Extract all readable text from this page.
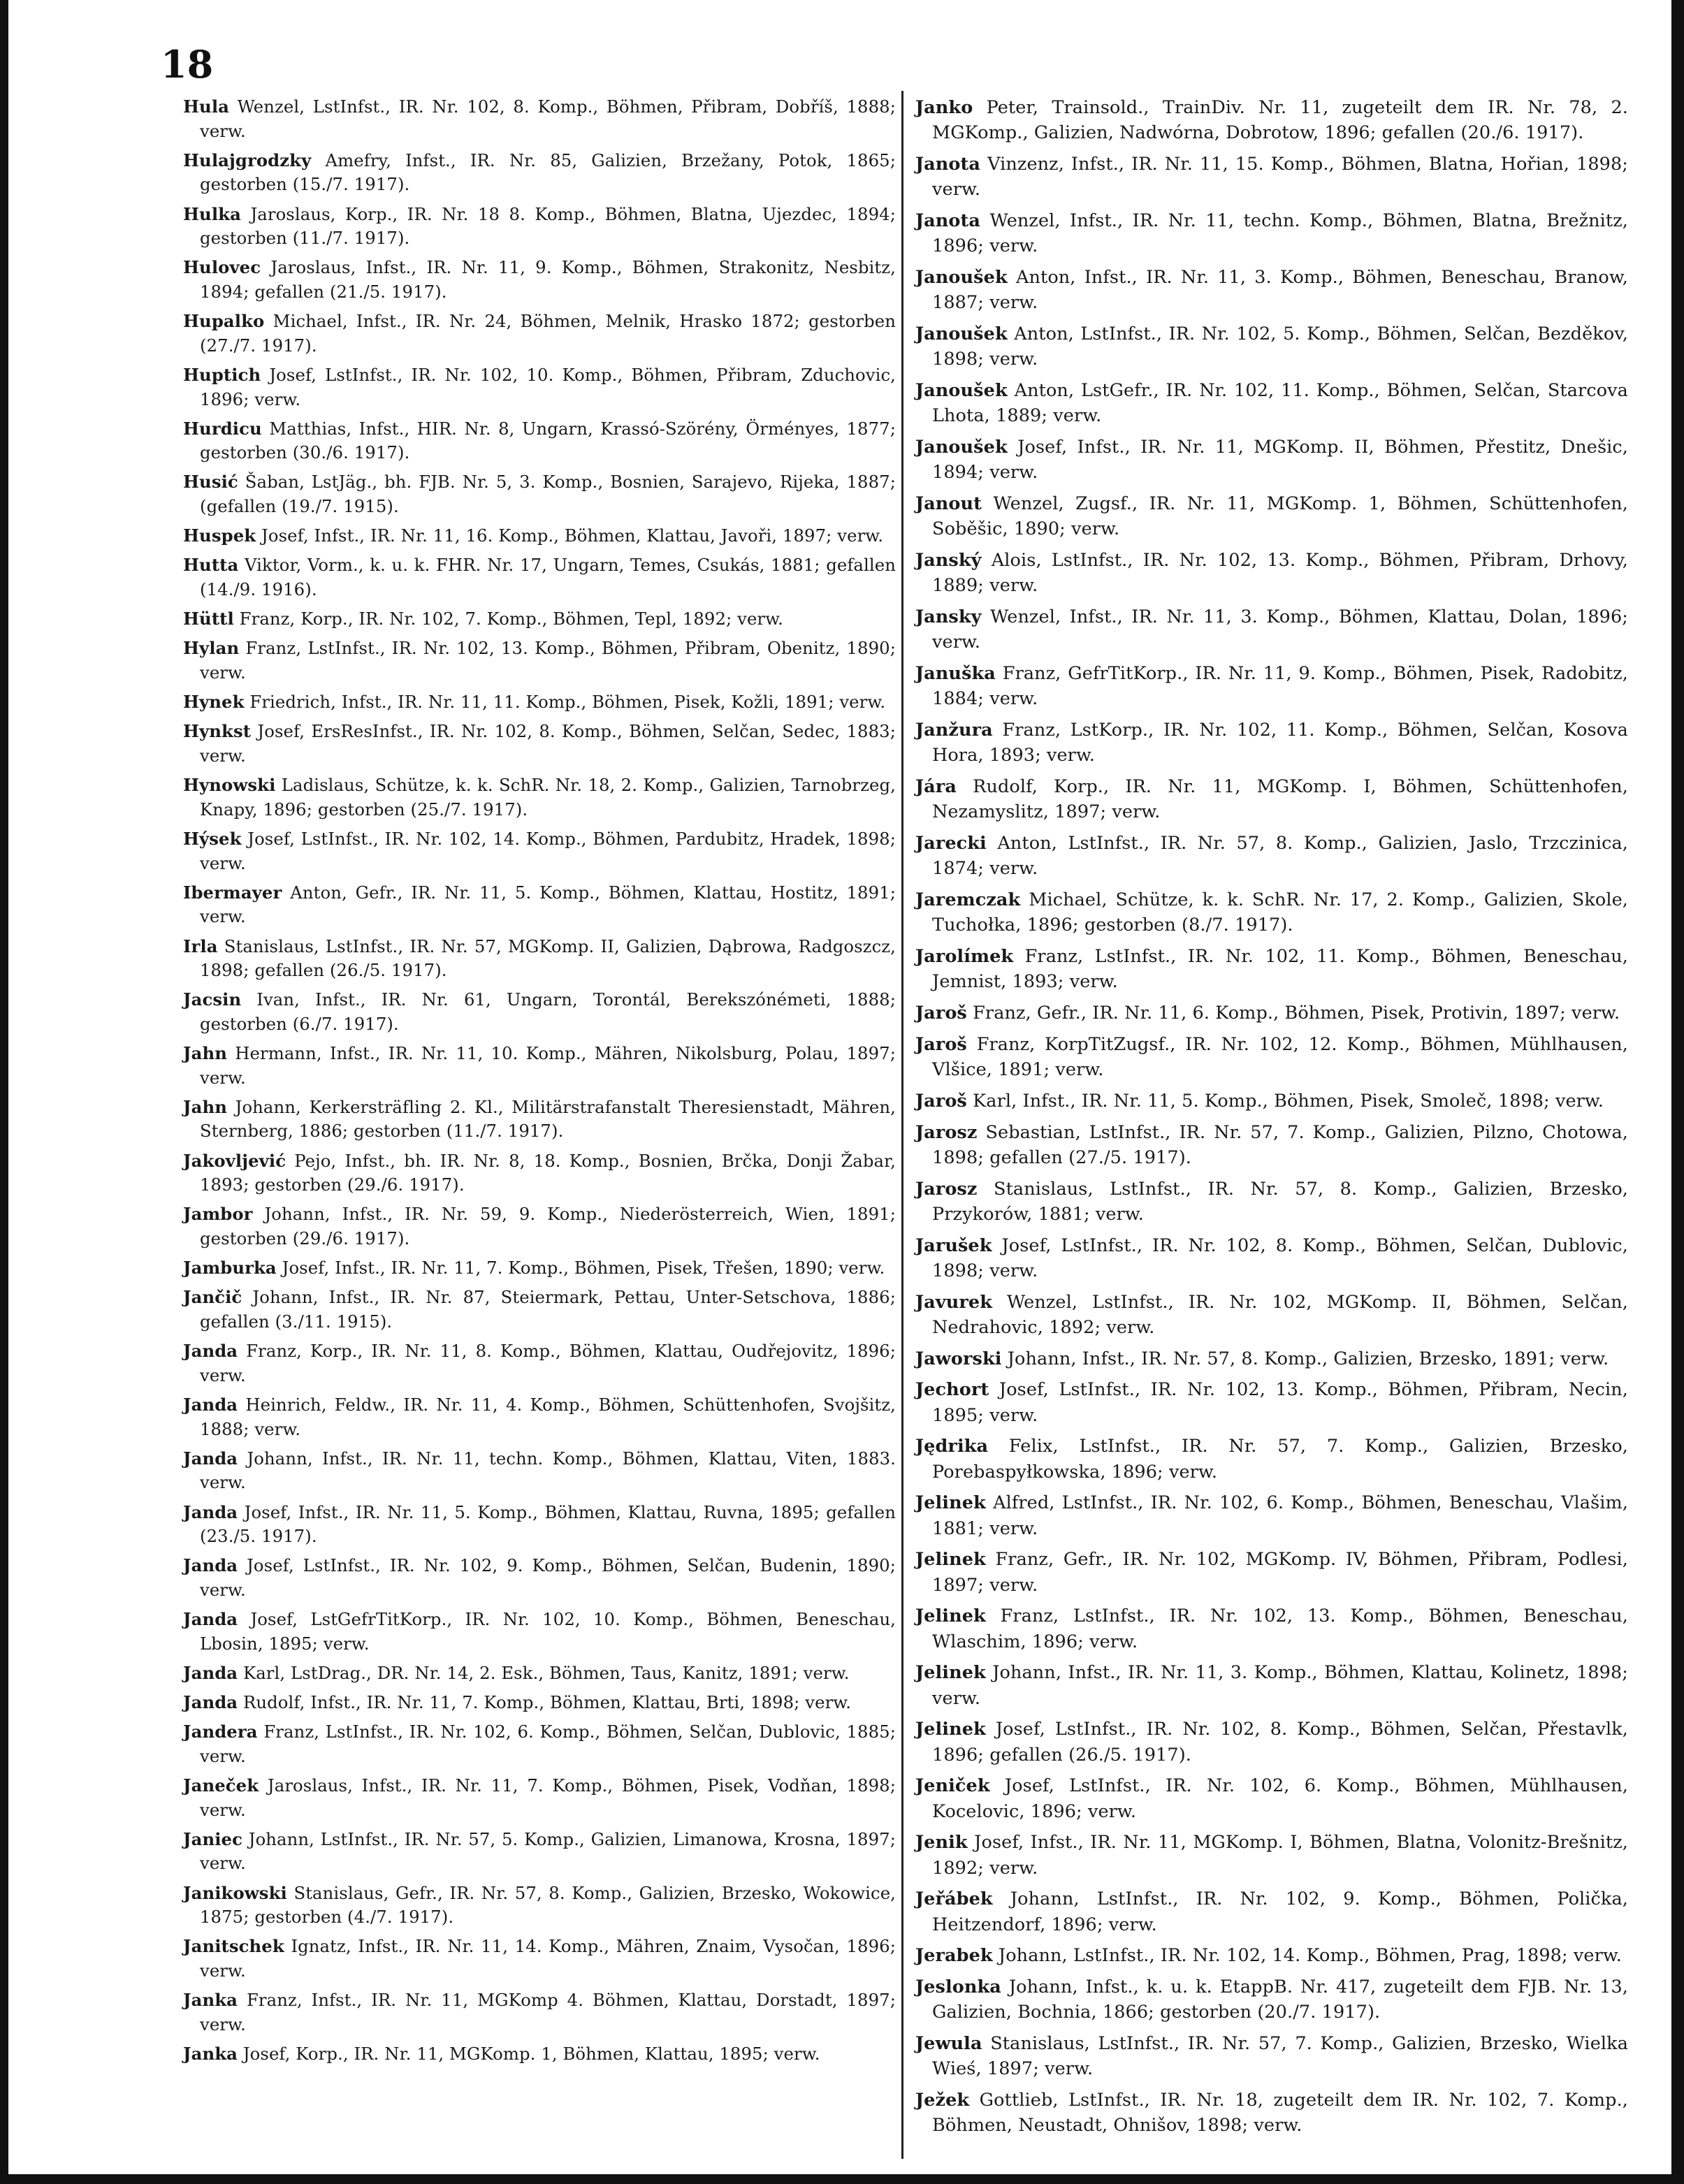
18

Hula Wenzel, LstInfst., IR. Nr. 102, 8. Komp., Böhmen, Přibram, Dobříš, 1888; verw.

Hulajgrodzky Amefry, Infst., IR. Nr. 85, Galizien, Brzežany, Potok, 1865; gestorben (15./7. 1917).

Hulka Jaroslaus, Korp., IR. Nr. 18 8. Komp., Böhmen, Blatna, Ujezdec, 1894; gestorben (11./7. 1917).

Hulovec Jaroslaus, Infst., IR. Nr. 11, 9. Komp., Böhmen, Strakonitz, Nesbitz, 1894; gefallen (21./5. 1917).

Hupalko Michael, Infst., IR. Nr. 24, Böhmen, Melnik, Hrasko 1872; gestorben (27./7. 1917).

Huptich Josef, LstInfst., IR. Nr. 102, 10. Komp., Böhmen, Přibram, Zduchovic, 1896; verw.

Hurdicu Matthias, Infst., HIR. Nr. 8, Ungarn, Krassó-Szörény, Örményes, 1877; gestorben (30./6. 1917).

Husić Šaban, LstJäg., bh. FJB. Nr. 5, 3. Komp., Bosnien, Sarajevo, Rijeka, 1887; (gefallen (19./7. 1915).

Huspek Josef, Infst., IR. Nr. 11, 16. Komp., Böhmen, Klattau, Javoři, 1897; verw.

Hutta Viktor, Vorm., k. u. k. FHR. Nr. 17, Ungarn, Temes, Csukás, 1881; gefallen (14./9. 1916).

Hüttl Franz, Korp., IR. Nr. 102, 7. Komp., Böhmen, Tepl, 1892; verw.

Hylan Franz, LstInfst., IR. Nr. 102, 13. Komp., Böhmen, Přibram, Obenitz, 1890; verw.

Hynek Friedrich, Infst., IR. Nr. 11, 11. Komp., Böhmen, Pisek, Kožli, 1891; verw.

Hynkst Josef, ErsResInfst., IR. Nr. 102, 8. Komp., Böhmen, Selčan, Sedec, 1883; verw.

Hynowski Ladislaus, Schütze, k. k. SchR. Nr. 18, 2. Komp., Galizien, Tarnobrzeg, Knapy, 1896; gestorben (25./7. 1917).

Hýsek Josef, LstInfst., IR. Nr. 102, 14. Komp., Böhmen, Pardubitz, Hradek, 1898; verw.

Ibermayer Anton, Gefr., IR. Nr. 11, 5. Komp., Böhmen, Klattau, Hostitz, 1891; verw.

Irla Stanislaus, LstInfst., IR. Nr. 57, MGKomp. II, Galizien, Dąbrowa, Radgoszcz, 1898; gefallen (26./5. 1917).

Jacsin Ivan, Infst., IR. Nr. 61, Ungarn, Torontál, Berekszónémeti, 1888; gestorben (6./7. 1917).

Jahn Hermann, Infst., IR. Nr. 11, 10. Komp., Mähren, Nikolsburg, Polau, 1897; verw.

Jahn Johann, Kerkersträfling 2. Kl., Militärstrafanstalt Theresienstadt, Mähren, Sternberg, 1886; gestorben (11./7. 1917).

Jakovljević Pejo, Infst., bh. IR. Nr. 8, 18. Komp., Bosnien, Brčka, Donji Žabar, 1893; gestorben (29./6. 1917).

Jambor Johann, Infst., IR. Nr. 59, 9. Komp., Niederösterreich, Wien, 1891; gestorben (29./6. 1917).

Jamburka Josef, Infst., IR. Nr. 11, 7. Komp., Böhmen, Pisek, Třešen, 1890; verw.

Jančič Johann, Infst., IR. Nr. 87, Steiermark, Pettau, Unter-Setschova, 1886; gefallen (3./11. 1915).

Janda Franz, Korp., IR. Nr. 11, 8. Komp., Böhmen, Klattau, Oudřejovitz, 1896; verw.

Janda Heinrich, Feldw., IR. Nr. 11, 4. Komp., Böhmen, Schüttenhofen, Svojšitz, 1888; verw.

Janda Johann, Infst., IR. Nr. 11, techn. Komp., Böhmen, Klattau, Viten, 1883. verw.

Janda Josef, Infst., IR. Nr. 11, 5. Komp., Böhmen, Klattau, Ruvna, 1895; gefallen (23./5. 1917).

Janda Josef, LstInfst., IR. Nr. 102, 9. Komp., Böhmen, Selčan, Budenin, 1890; verw.

Janda Josef, LstGefrTitKorp., IR. Nr. 102, 10. Komp., Böhmen, Beneschau, Lbosin, 1895; verw.

Janda Karl, LstDrag., DR. Nr. 14, 2. Esk., Böhmen, Taus, Kanitz, 1891; verw.

Janda Rudolf, Infst., IR. Nr. 11, 7. Komp., Böhmen, Klattau, Brti, 1898; verw.

Jandera Franz, LstInfst., IR. Nr. 102, 6. Komp., Böhmen, Selčan, Dublovic, 1885; verw.

Janeček Jaroslaus, Infst., IR. Nr. 11, 7. Komp., Böhmen, Pisek, Vodňan, 1898; verw.

Janiec Johann, LstInfst., IR. Nr. 57, 5. Komp., Galizien, Limanowa, Krosna, 1897; verw.

Janikowski Stanislaus, Gefr., IR. Nr. 57, 8. Komp., Galizien, Brzesko, Wokowice, 1875; gestorben (4./7. 1917).

Janitschek Ignatz, Infst., IR. Nr. 11, 14. Komp., Mähren, Znaim, Vysočan, 1896; verw.

Janka Franz, Infst., IR. Nr. 11, MGKomp 4. Böhmen, Klattau, Dorstadt, 1897; verw.

Janka Josef, Korp., IR. Nr. 11, MGKomp. 1, Böhmen, Klattau, 1895; verw.

Janko Peter, Trainsold., TrainDiv. Nr. 11, zugeteilt dem IR. Nr. 78, 2. MGKomp., Galizien, Nadwórna, Dobrotow, 1896; gefallen (20./6. 1917).

Janota Vinzenz, Infst., IR. Nr. 11, 15. Komp., Böhmen, Blatna, Hořian, 1898; verw.

Janota Wenzel, Infst., IR. Nr. 11, techn. Komp., Böhmen, Blatna, Brežnitz, 1896; verw.

Janoušek Anton, Infst., IR. Nr. 11, 3. Komp., Böhmen, Beneschau, Branow, 1887; verw.

Janoušek Anton, LstInfst., IR. Nr. 102, 5. Komp., Böhmen, Selčan, Bezděkov, 1898; verw.

Janoušek Anton, LstGefr., IR. Nr. 102, 11. Komp., Böhmen, Selčan, Starcova Lhota, 1889; verw.

Janoušek Josef, Infst., IR. Nr. 11, MGKomp. II, Böhmen, Přestitz, Dnešic, 1894; verw.

Janout Wenzel, Zugsf., IR. Nr. 11, MGKomp. 1, Böhmen, Schüttenhofen, Soběšic, 1890; verw.

Janský Alois, LstInfst., IR. Nr. 102, 13. Komp., Böhmen, Přibram, Drhovy, 1889; verw.

Jansky Wenzel, Infst., IR. Nr. 11, 3. Komp., Böhmen, Klattau, Dolan, 1896; verw.

Januška Franz, GefrTitKorp., IR. Nr. 11, 9. Komp., Böhmen, Pisek, Radobitz, 1884; verw.

Janžura Franz, LstKorp., IR. Nr. 102, 11. Komp., Böhmen, Selčan, Kosova Hora, 1893; verw.

Jára Rudolf, Korp., IR. Nr. 11, MGKomp. I, Böhmen, Schüttenhofen, Nezamyslitz, 1897; verw.

Jarecki Anton, LstInfst., IR. Nr. 57, 8. Komp., Galizien, Jaslo, Trzczinica, 1874; verw.

Jaremczak Michael, Schütze, k. k. SchR. Nr. 17, 2. Komp., Galizien, Skole, Tuchołka, 1896; gestorben (8./7. 1917).

Jarolímek Franz, LstInfst., IR. Nr. 102, 11. Komp., Böhmen, Beneschau, Jemnist, 1893; verw.

Jaroš Franz, Gefr., IR. Nr. 11, 6. Komp., Böhmen, Pisek, Protivin, 1897; verw.

Jaroš Franz, KorpTitZugsf., IR. Nr. 102, 12. Komp., Böhmen, Mühlhausen, Vlšice, 1891; verw.

Jaroš Karl, Infst., IR. Nr. 11, 5. Komp., Böhmen, Pisek, Smoleč, 1898; verw.

Jarosz Sebastian, LstInfst., IR. Nr. 57, 7. Komp., Galizien, Pilzno, Chotowa, 1898; gefallen (27./5. 1917).

Jarosz Stanislaus, LstInfst., IR. Nr. 57, 8. Komp., Galizien, Brzesko, Przykorów, 1881; verw.

Jarušek Josef, LstInfst., IR. Nr. 102, 8. Komp., Böhmen, Selčan, Dublovic, 1898; verw.

Javurek Wenzel, LstInfst., IR. Nr. 102, MGKomp. II, Böhmen, Selčan, Nedrahovic, 1892; verw.

Jaworski Johann, Infst., IR. Nr. 57, 8. Komp., Galizien, Brzesko, 1891; verw.

Jechort Josef, LstInfst., IR. Nr. 102, 13. Komp., Böhmen, Přibram, Necin, 1895; verw.

Jędrika Felix, LstInfst., IR. Nr. 57, 7. Komp., Galizien, Brzesko, Porebaspyłkowska, 1896; verw.

Jelinek Alfred, LstInfst., IR. Nr. 102, 6. Komp., Böhmen, Beneschau, Vlašim, 1881; verw.

Jelinek Franz, Gefr., IR. Nr. 102, MGKomp. IV, Böhmen, Přibram, Podlesi, 1897; verw.

Jelinek Franz, LstInfst., IR. Nr. 102, 13. Komp., Böhmen, Beneschau, Wlaschim, 1896; verw.

Jelinek Johann, Infst., IR. Nr. 11, 3. Komp., Böhmen, Klattau, Kolinetz, 1898; verw.

Jelinek Josef, LstInfst., IR. Nr. 102, 8. Komp., Böhmen, Selčan, Přestavlk, 1896; gefallen (26./5. 1917).

Jeniček Josef, LstInfst., IR. Nr. 102, 6. Komp., Böhmen, Mühlhausen, Kocelovic, 1896; verw.

Jenik Josef, Infst., IR. Nr. 11, MGKomp. I, Böhmen, Blatna, Volonitz-Brešnitz, 1892; verw.

Jeřábek Johann, LstInfst., IR. Nr. 102, 9. Komp., Böhmen, Polička, Heitzendorf, 1896; verw.

Jerabek Johann, LstInfst., IR. Nr. 102, 14. Komp., Böhmen, Prag, 1898; verw.

Jeslonka Johann, Infst., k. u. k. EtappB. Nr. 417, zugeteilt dem FJB. Nr. 13, Galizien, Bochnia, 1866; gestorben (20./7. 1917).

Jewula Stanislaus, LstInfst., IR. Nr. 57, 7. Komp., Galizien, Brzesko, Wielka Wieś, 1897; verw.

Ježek Gottlieb, LstInfst., IR. Nr. 18, zugeteilt dem IR. Nr. 102, 7. Komp., Böhmen, Neustadt, Ohnišov, 1898; verw.
